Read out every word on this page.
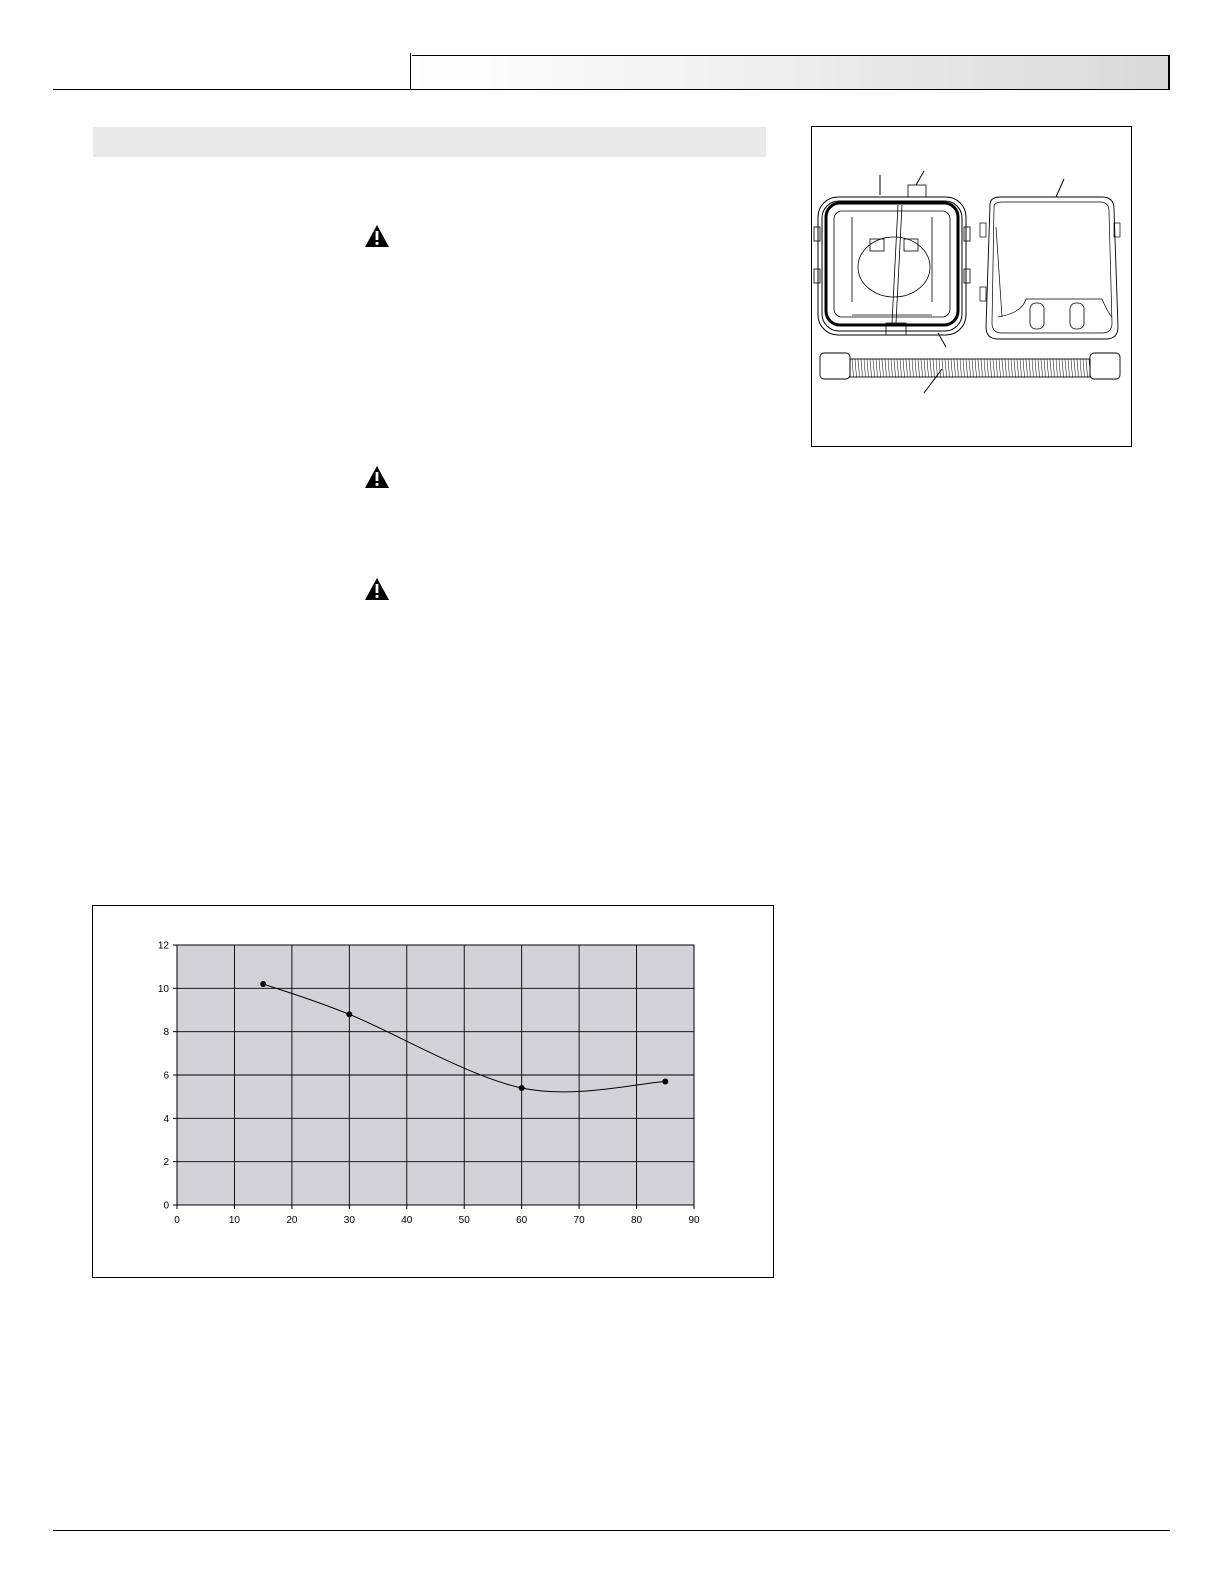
0	10	20	30	40	50	60	70	80	90
0
2
4
6
8
10
12
